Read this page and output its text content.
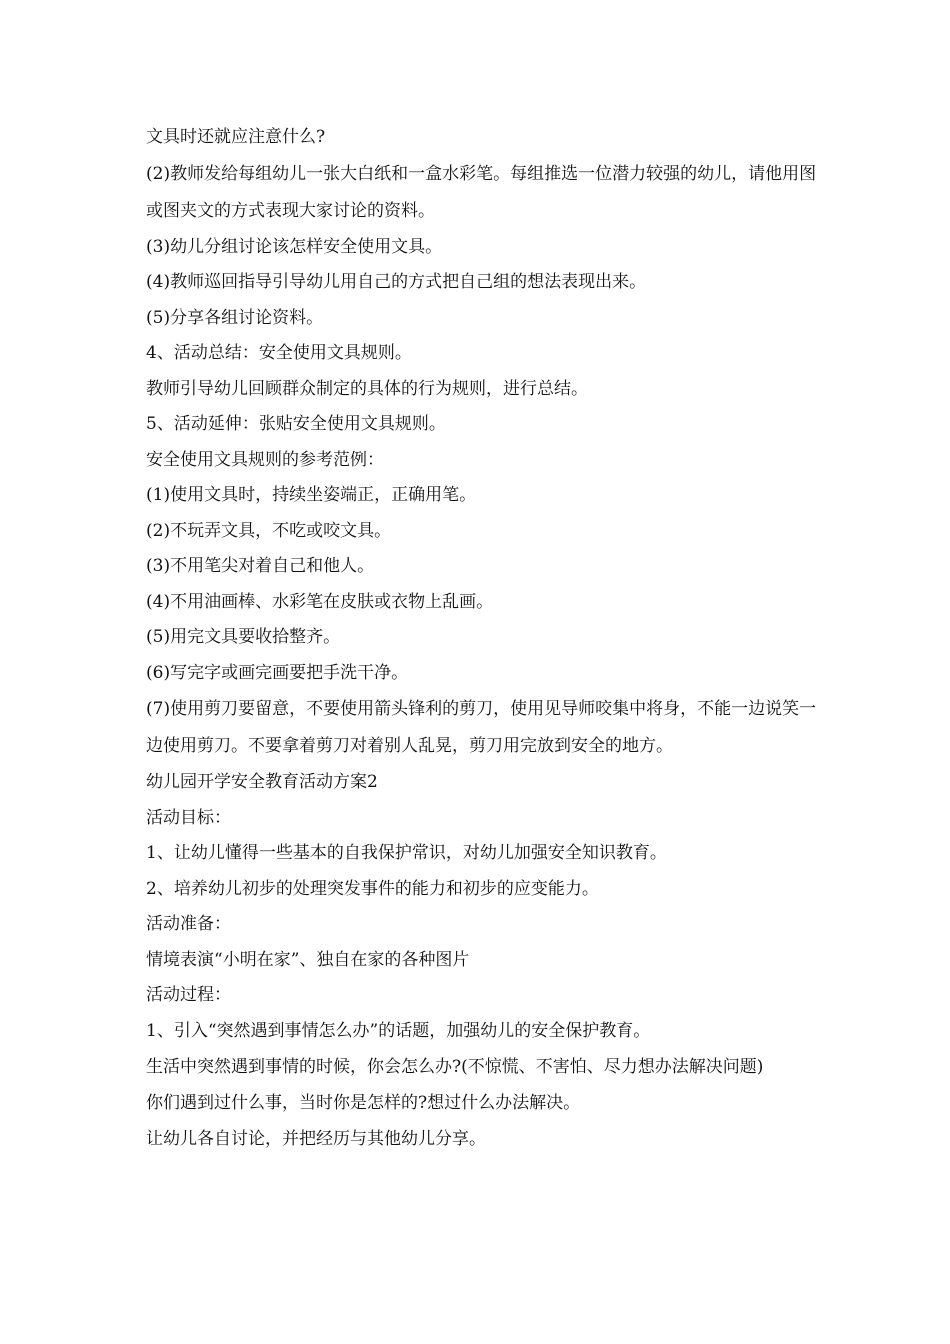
文具时还就应注意什么?

(2)教师发给每组幼儿一张大白纸和一盒水彩笔。每组推选一位潜力较强的幼儿，请他用图或图夹文的方式表现大家讨论的资料。

(3)幼儿分组讨论该怎样安全使用文具。

(4)教师巡回指导引导幼儿用自己的方式把自己组的想法表现出来。

(5)分享各组讨论资料。

4、活动总结：安全使用文具规则。

教师引导幼儿回顾群众制定的具体的行为规则，进行总结。

5、活动延伸：张贴安全使用文具规则。

安全使用文具规则的参考范例：

(1)使用文具时，持续坐姿端正，正确用笔。

(2)不玩弄文具，不吃或咬文具。

(3)不用笔尖对着自己和他人。

(4)不用油画棒、水彩笔在皮肤或衣物上乱画。

(5)用完文具要收拾整齐。

(6)写完字或画完画要把手洗干净。

(7)使用剪刀要留意，不要使用箭头锋利的剪刀，使用见导师咬集中将身，不能一边说笑一边使用剪刀。不要拿着剪刀对着别人乱晃，剪刀用完放到安全的地方。

幼儿园开学安全教育活动方案2

活动目标：

1、让幼儿懂得一些基本的自我保护常识，对幼儿加强安全知识教育。

2、培养幼儿初步的处理突发事件的能力和初步的应变能力。

活动准备：

情境表演“小明在家”、独自在家的各种图片

活动过程：

1、引入“突然遇到事情怎么办”的话题，加强幼儿的安全保护教育。

生活中突然遇到事情的时候，你会怎么办?(不惊慌、不害怕、尽力想办法解决问题)

你们遇到过什么事，当时你是怎样的?想过什么办法解决。

让幼儿各自讨论，并把经历与其他幼儿分享。
